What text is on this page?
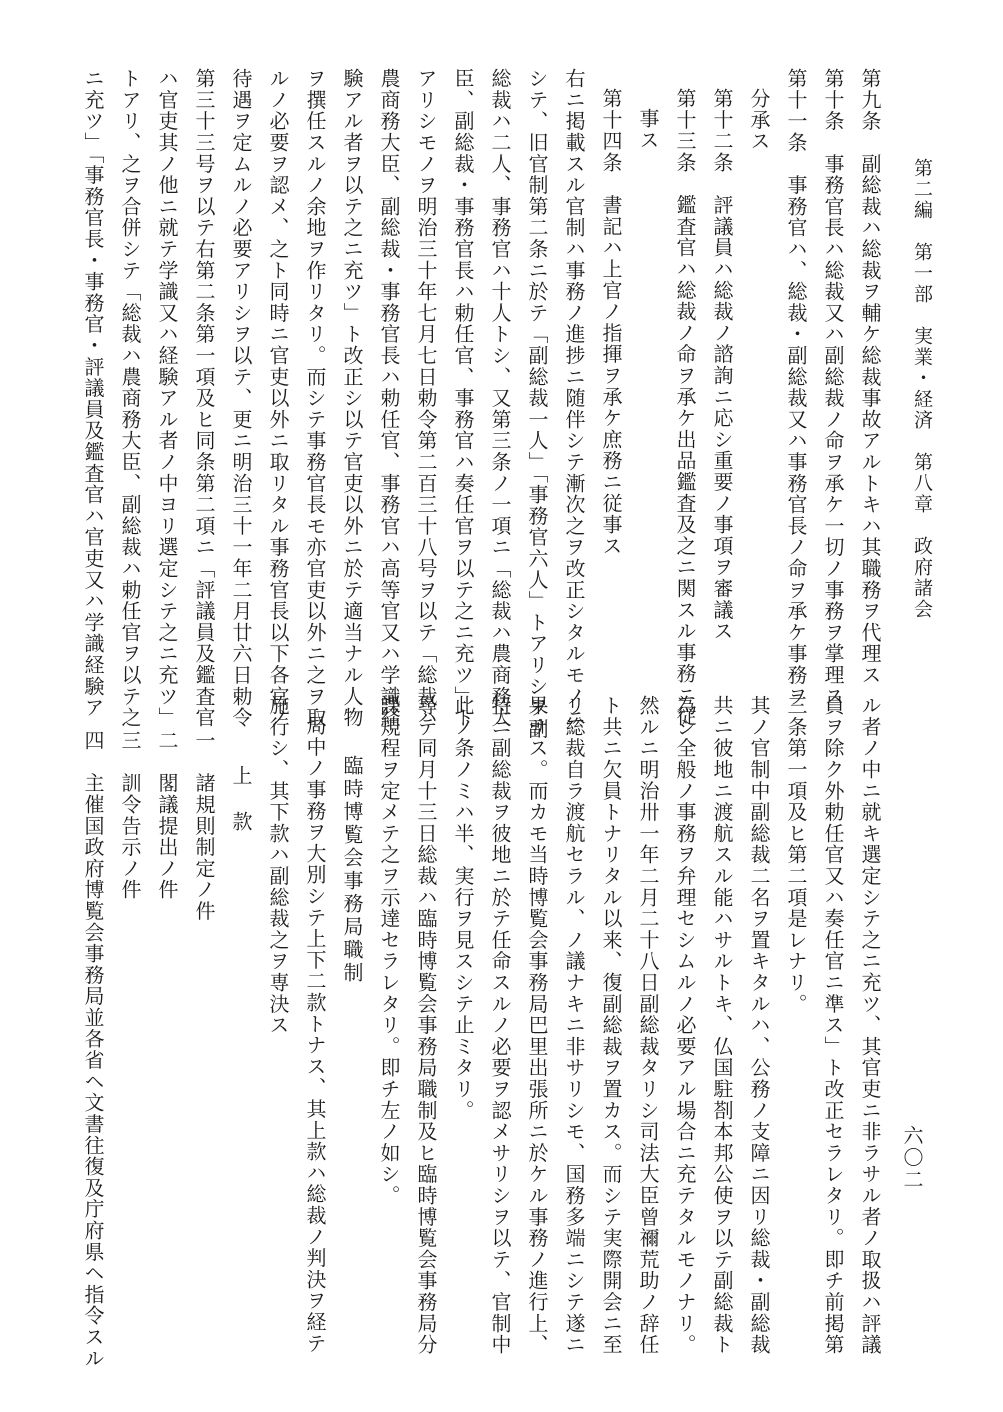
第二編　第一部　実業・経済　第八章　政府諸会
六〇二
第九条　副総裁ハ総裁ヲ輔ケ総裁事故アルトキハ其職務ヲ代理ス
第十条　事務官長ハ総裁又ハ副総裁ノ命ヲ承ケ一切ノ事務ヲ掌理ス
第十一条　事務官ハ、総裁・副総裁又ハ事務官長ノ命ヲ承ケ事務ヲ
分承ス
第十二条　評議員ハ総裁ノ諮詢ニ応シ重要ノ事項ヲ審議ス
第十三条　鑑査官ハ総裁ノ命ヲ承ケ出品鑑査及之ニ関スル事務ニ従
事ス
第十四条　書記ハ上官ノ指揮ヲ承ケ庶務ニ従事ス
右ニ掲載スル官制ハ事務ノ進捗ニ随伴シテ漸次之ヲ改正シタルモノニ
シテ、旧官制第二条ニ於テ「副総裁一人」「事務官六人」トアリシヲ副
総裁ハ二人、事務官ハ十人トシ、又第三条ノ一項ニ「総裁ハ農商務大
臣、副総裁・事務官長ハ勅任官、事務官ハ奏任官ヲ以テ之ニ充ツ」ト
アリシモノヲ明治三十年七月七日勅令第二百三十八号ヲ以テ「総裁ハ
農商務大臣、副総裁・事務官長ハ勅任官、事務官ハ高等官又ハ学識経
験アル者ヲ以テ之ニ充ツ」ト改正シ以テ官吏以外ニ於テ適当ナル人物
ヲ撰任スルノ余地ヲ作リタリ。而シテ事務官長モ亦官吏以外ニ之ヲ取
ルノ必要ヲ認メ、之ト同時ニ官吏以外ニ取リタル事務官長以下各官ノ
待遇ヲ定ムルノ必要アリシヲ以テ、更ニ明治三十一年二月廿六日勅令
第三十三号ヲ以テ右第二条第一項及ヒ同条第二項ニ「評議員及鑑査官
ハ官吏其ノ他ニ就テ学識又ハ経験アル者ノ中ヨリ選定シテ之ニ充ツ」
トアリ、之ヲ合併シテ「総裁ハ農商務大臣、副総裁ハ勅任官ヲ以テ之
ニ充ツ」「事務官長・事務官・評議員及鑑査官ハ官吏又ハ学識経験ア
ル者ノ中ニ就キ選定シテ之ニ充ツ、其官吏ニ非ラサル者ノ取扱ハ評議
員ヲ除ク外勅任官又ハ奏任官ニ準ス」ト改正セラレタリ。即チ前掲第
三条第一項及ヒ第二項是レナリ。
其ノ官制中副総裁二名ヲ置キタルハ、公務ノ支障ニ因リ総裁・副総裁
共ニ彼地ニ渡航スル能ハサルトキ、仏国駐剳本邦公使ヲ以テ副総裁ト
為シ全般ノ事務ヲ弁理セシムルノ必要アル場合ニ充テタルモノナリ。
然ルニ明治卅一年二月二十八日副総裁タリシ司法大臣曾禰荒助ノ辞任
ト共ニ欠員トナリタル以来、復副総裁ヲ置カス。而シテ実際開会ニ至
リ総裁自ラ渡航セラル、ノ議ナキニ非サリシモ、国務多端ニシテ遂ニ
果サス。而カモ当時博覧会事務局巴里出張所ニ於ケル事務ノ進行上、
特ニ副総裁ヲ彼地ニ於テ任命スルノ必要ヲ認メサリシヲ以テ、官制中
此ノ条ノミハ半、実行ヲ見スシテ止ミタリ。
尋テ同月十三日総裁ハ臨時博覧会事務局職制及ヒ臨時博覧会事務局分
課規程ヲ定メテ之ヲ示達セラレタリ。即チ左ノ如シ。
臨時博覧会事務局職制
局中ノ事務ヲ大別シテ上下二款トナス、其上款ハ総裁ノ判決ヲ経テ
施行シ、其下款ハ副総裁之ヲ専決ス
上　款
一　諸規則制定ノ件
二　閣議提出ノ件
三　訓令告示ノ件
四　主催国政府博覧会事務局並各省ヘ文書往復及庁府県ヘ指令スル
